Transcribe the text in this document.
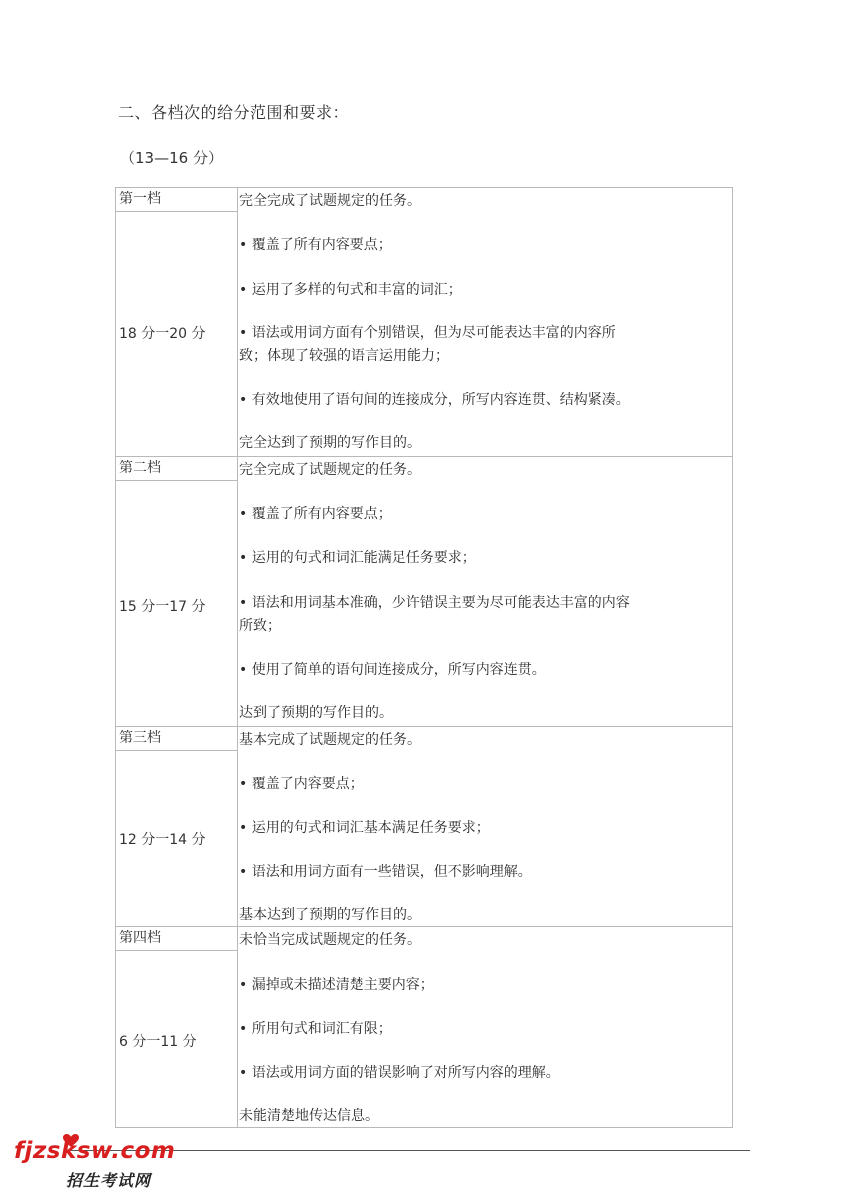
二、各档次的给分范围和要求：
（13—16 分）
第一档
18 分一20 分
完全完成了试题规定的任务。
• 覆盖了所有内容要点；
• 运用了多样的句式和丰富的词汇；
• 语法或用词方面有个别错误，但为尽可能表达丰富的内容所
致；体现了较强的语言运用能力；
• 有效地使用了语句间的连接成分，所写内容连贯、结构紧凑。
完全达到了预期的写作目的。
第二档
15 分一17 分
完全完成了试题规定的任务。
• 覆盖了所有内容要点；
• 运用的句式和词汇能满足任务要求；
• 语法和用词基本准确，少许错误主要为尽可能表达丰富的内容
所致；
• 使用了简单的语句间连接成分，所写内容连贯。
达到了预期的写作目的。
第三档
12 分一14 分
基本完成了试题规定的任务。
• 覆盖了内容要点；
• 运用的句式和词汇基本满足任务要求；
• 语法和用词方面有一些错误，但不影响理解。
基本达到了预期的写作目的。
第四档
6 分一11 分
未恰当完成试题规定的任务。
• 漏掉或未描述清楚主要内容；
• 所用句式和词汇有限；
• 语法或用词方面的错误影响了对所写内容的理解。
未能清楚地传达信息。
fjzsksw.com
招生考试网
